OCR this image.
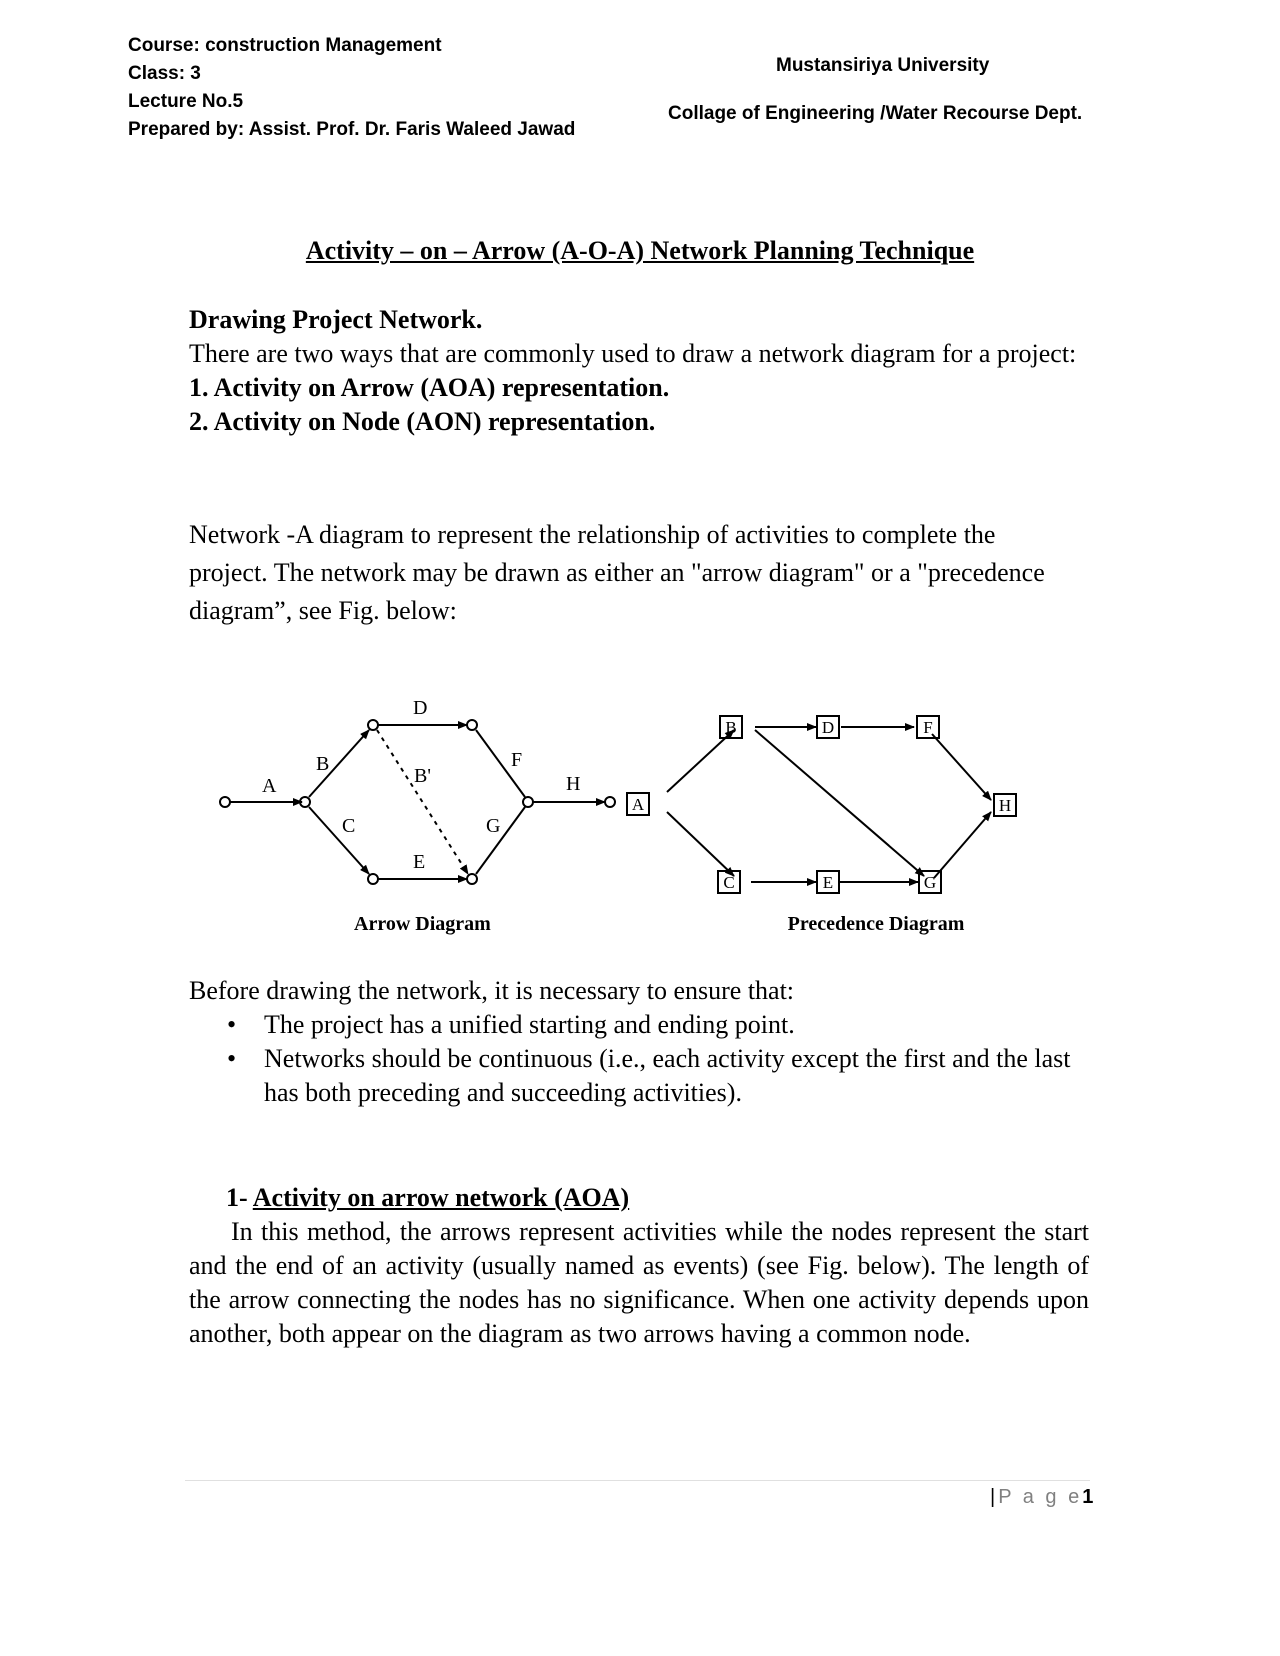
Course: construction Management
Class: 3
Lecture No.5
Prepared by: Assist. Prof. Dr. Faris Waleed Jawad
Mustansiriya University
Collage of Engineering /Water Recourse Dept.
Activity – on – Arrow (A-O-A) Network Planning Technique
Drawing Project Network.
There are two ways that are commonly used to draw a network diagram for a project:
1. Activity on Arrow (AOA) representation.
2. Activity on Node (AON) representation.
Network -A diagram to represent the relationship of activities to complete the project. The network may be drawn as either an "arrow diagram" or a "precedence diagram”, see Fig. below:
A
B
C
D
E
F
G
H
B'
Arrow Diagram
A
B
C
D
E
F
G
H
Precedence Diagram
Before drawing the network, it is necessary to ensure that:
• The project has a unified starting and ending point.
• Networks should be continuous (i.e., each activity except the first and the last has both preceding and succeeding activities).
1- Activity on arrow network (AOA)
In this method, the arrows represent activities while the nodes represent the start and the end of an activity (usually named as events) (see Fig. below). The length of the arrow connecting the nodes has no significance. When one activity depends upon another, both appear on the diagram as two arrows having a common node.
|P a g e1
